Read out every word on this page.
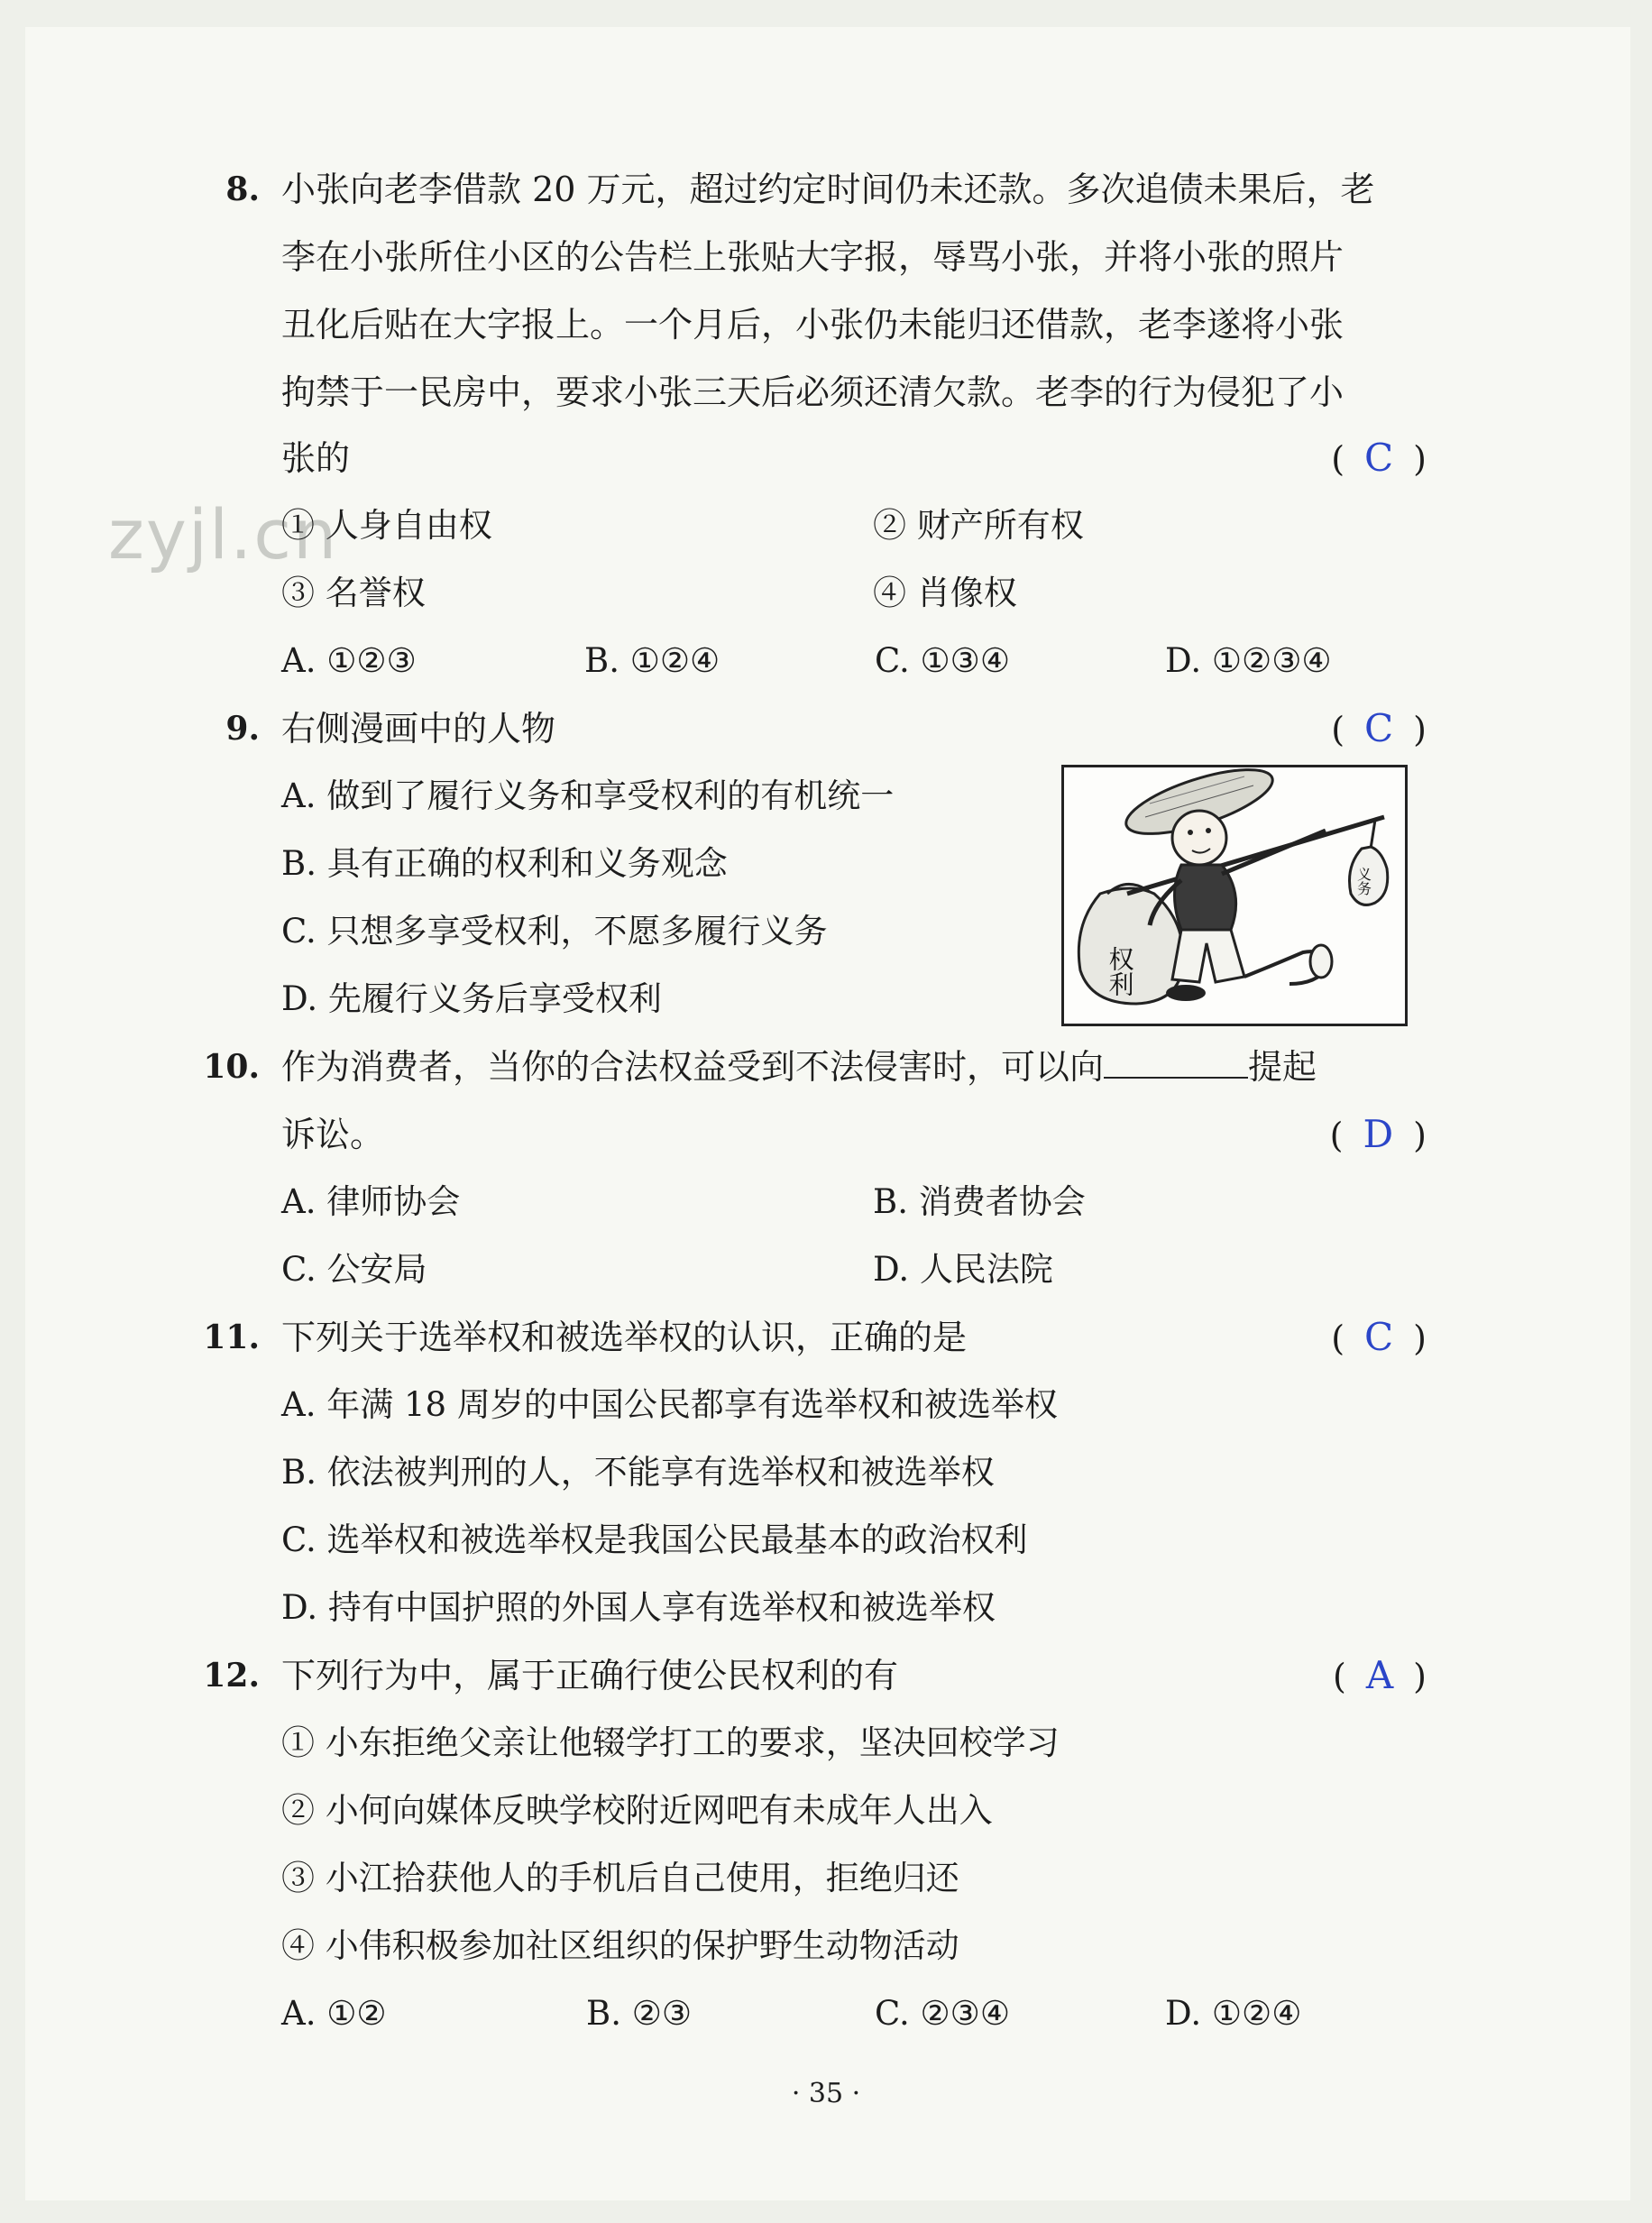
zyjl.cn
8. 小张向老李借款 20 万元，超过约定时间仍未还款。多次追债未果后，老
李在小张所住小区的公告栏上张贴大字报，辱骂小张，并将小张的照片
丑化后贴在大字报上。一个月后，小张仍未能归还借款，老李遂将小张
拘禁于一民房中，要求小张三天后必须还清欠款。老李的行为侵犯了小
张的	( C )
① 人身自由权	② 财产所有权
③ 名誉权	④ 肖像权
A. ①②③	B. ①②④	C. ①③④	D. ①②③④
9. 右侧漫画中的人物	( C )
A. 做到了履行义务和享受权利的有机统一
B. 具有正确的权利和义务观念
C. 只想多享受权利，不愿多履行义务
D. 先履行义务后享受权利
权利
义务
10. 作为消费者，当你的合法权益受到不法侵害时，可以向	提起
诉讼。	( D )
A. 律师协会	B. 消费者协会
C. 公安局	D. 人民法院
11. 下列关于选举权和被选举权的认识，正确的是	( C )
A. 年满 18 周岁的中国公民都享有选举权和被选举权
B. 依法被判刑的人，不能享有选举权和被选举权
C. 选举权和被选举权是我国公民最基本的政治权利
D. 持有中国护照的外国人享有选举权和被选举权
12. 下列行为中，属于正确行使公民权利的有	( A )
① 小东拒绝父亲让他辍学打工的要求，坚决回校学习
② 小何向媒体反映学校附近网吧有未成年人出入
③ 小江拾获他人的手机后自己使用，拒绝归还
④ 小伟积极参加社区组织的保护野生动物活动
A. ①②	B. ②③	C. ②③④	D. ①②④
· 35 ·
